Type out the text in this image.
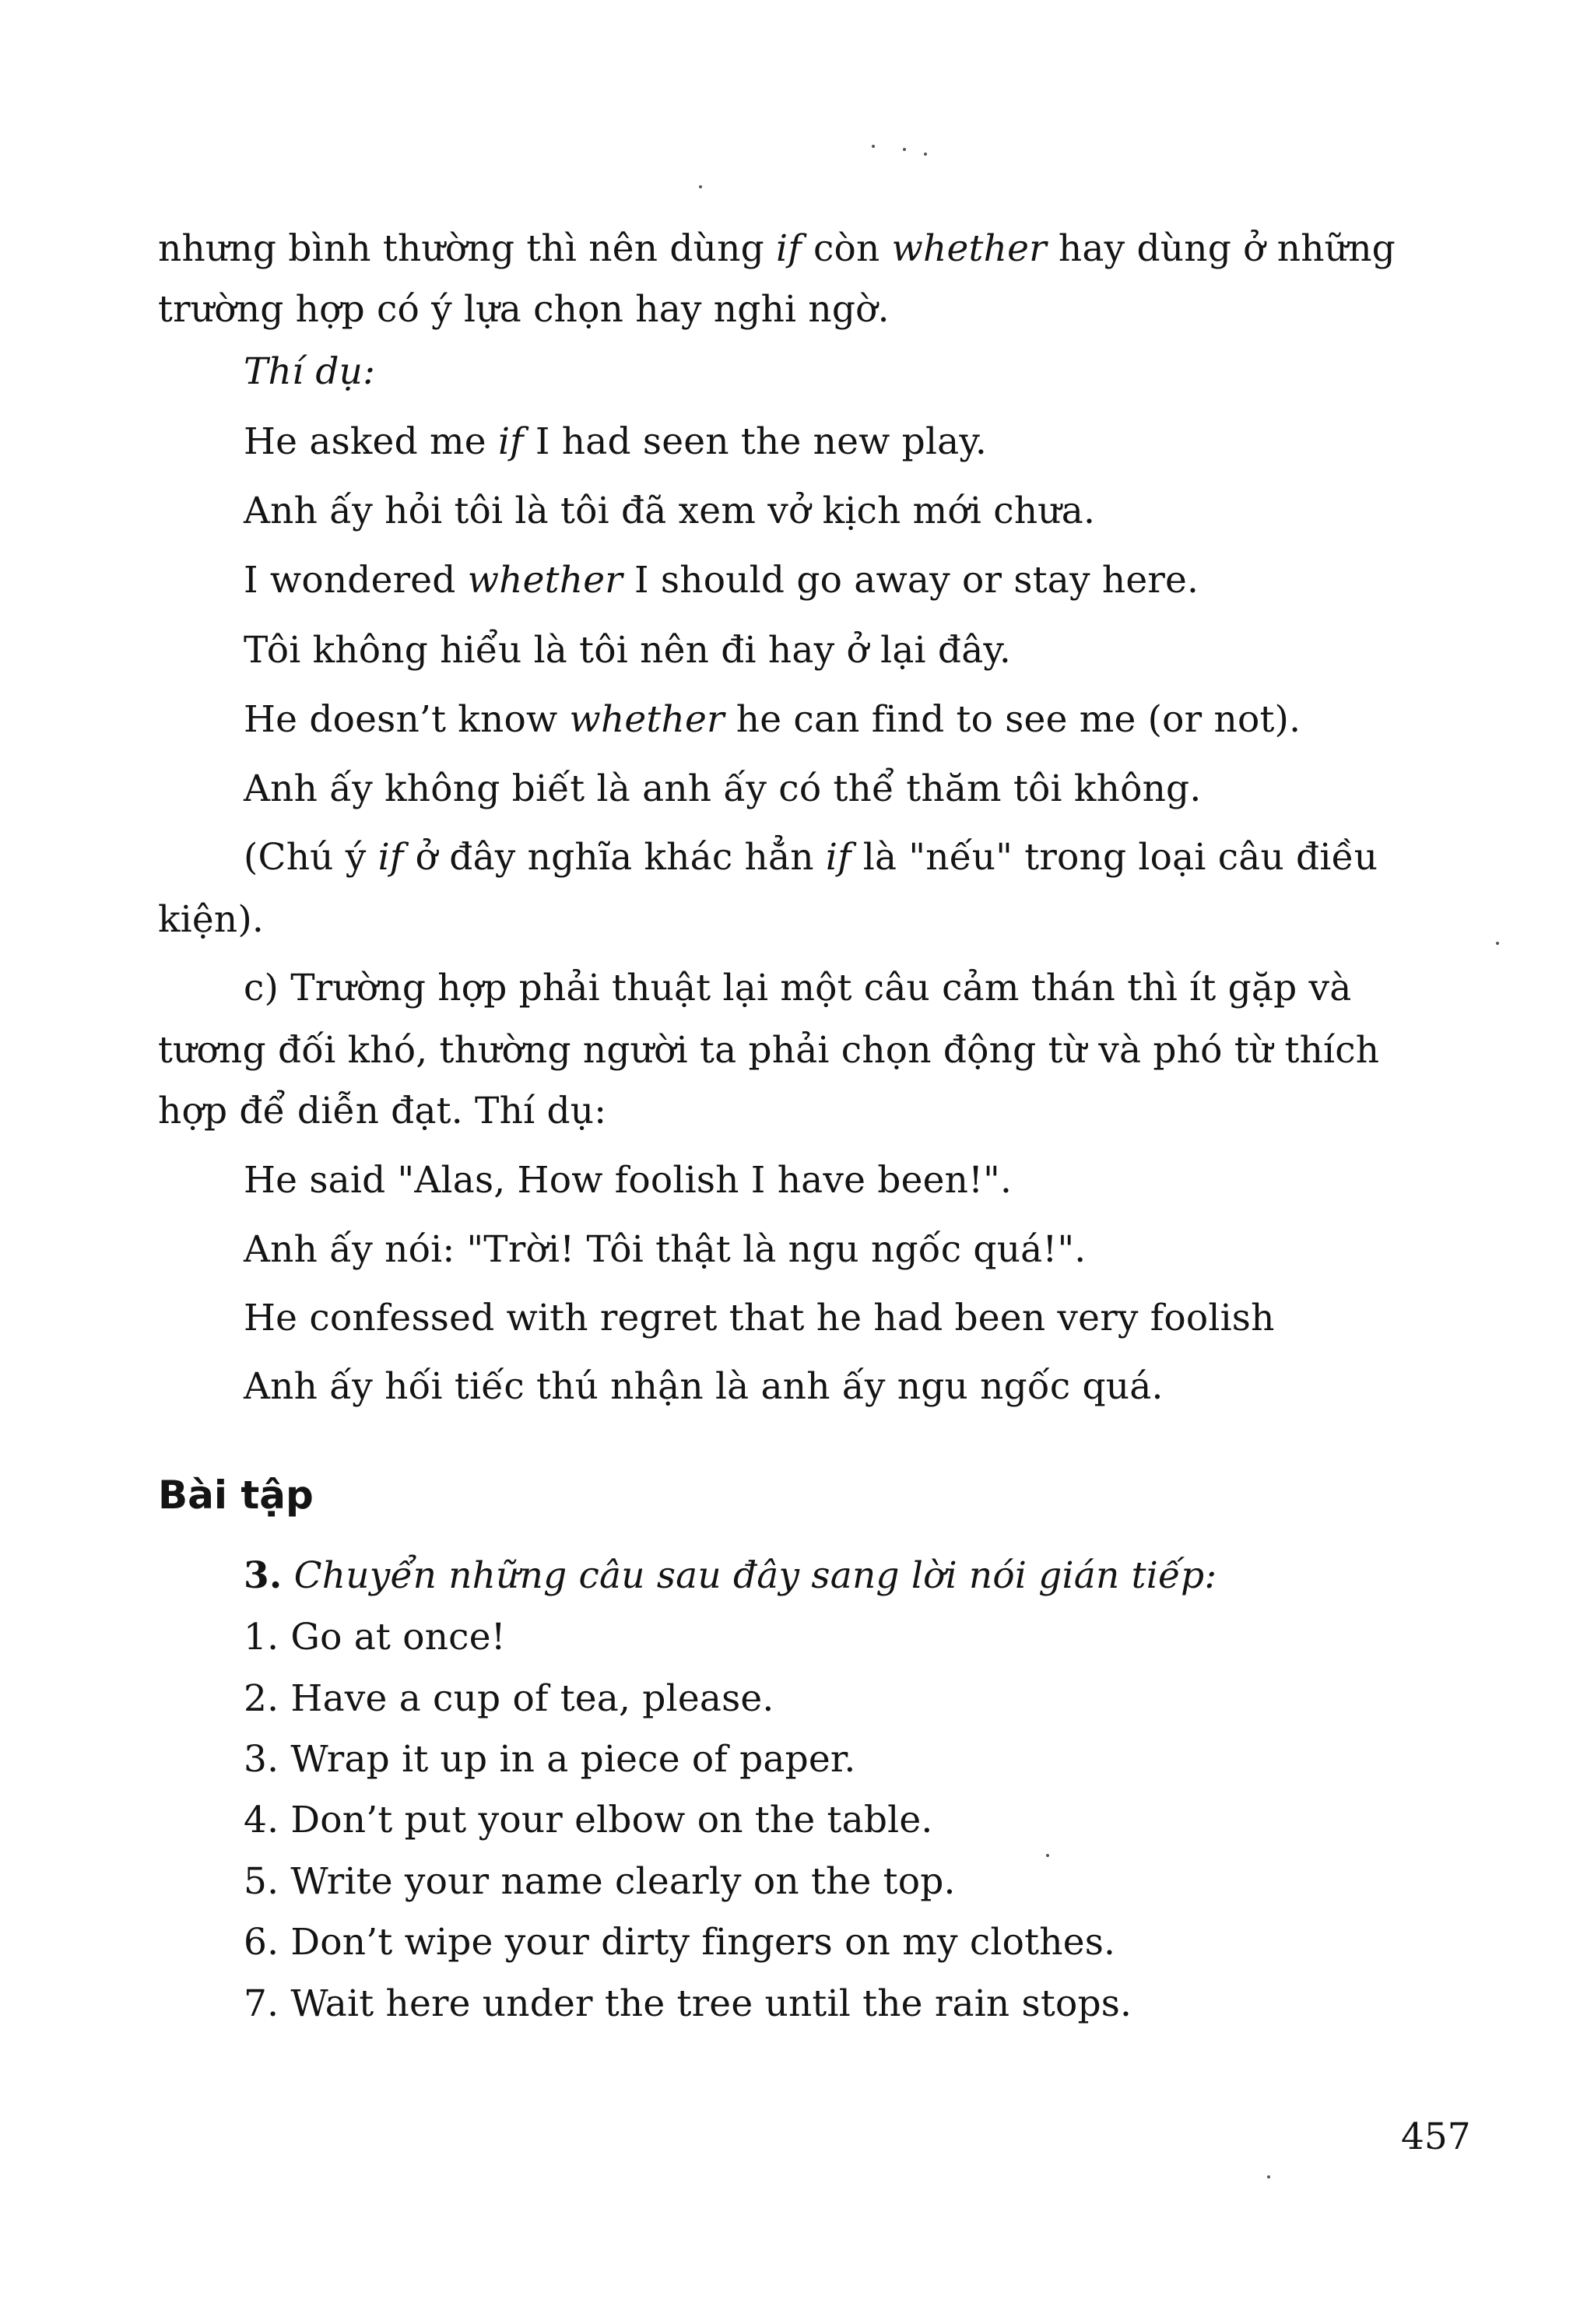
nhưng bình thường thì nên dùng if còn whether hay dùng ở những
trường hợp có ý lựa chọn hay nghi ngờ.
Thí dụ:
He asked me if I had seen the new play.
Anh ấy hỏi tôi là tôi đã xem vở kịch mới chưa.
I wondered whether I should go away or stay here.
Tôi không hiểu là tôi nên đi hay ở lại đây.
He doesn’t know whether he can find to see me (or not).
Anh ấy không biết là anh ấy có thể thăm tôi không.
(Chú ý if ở đây nghĩa khác hẳn if là "nếu" trong loại câu điều
kiện).
c) Trường hợp phải thuật lại một câu cảm thán thì ít gặp và
tương đối khó, thường người ta phải chọn động từ và phó từ thích
hợp để diễn đạt. Thí dụ:
He said "Alas, How foolish I have been!".
Anh ấy nói: "Trời! Tôi thật là ngu ngốc quá!".
He confessed with regret that he had been very foolish
Anh ấy hối tiếc thú nhận là anh ấy ngu ngốc quá.
Bài tập
3. Chuyển những câu sau đây sang lời nói gián tiếp:
1. Go at once!
2. Have a cup of tea, please.
3. Wrap it up in a piece of paper.
4. Don’t put your elbow on the table.
5. Write your name clearly on the top.
6. Don’t wipe your dirty fingers on my clothes.
7. Wait here under the tree until the rain stops.
457
